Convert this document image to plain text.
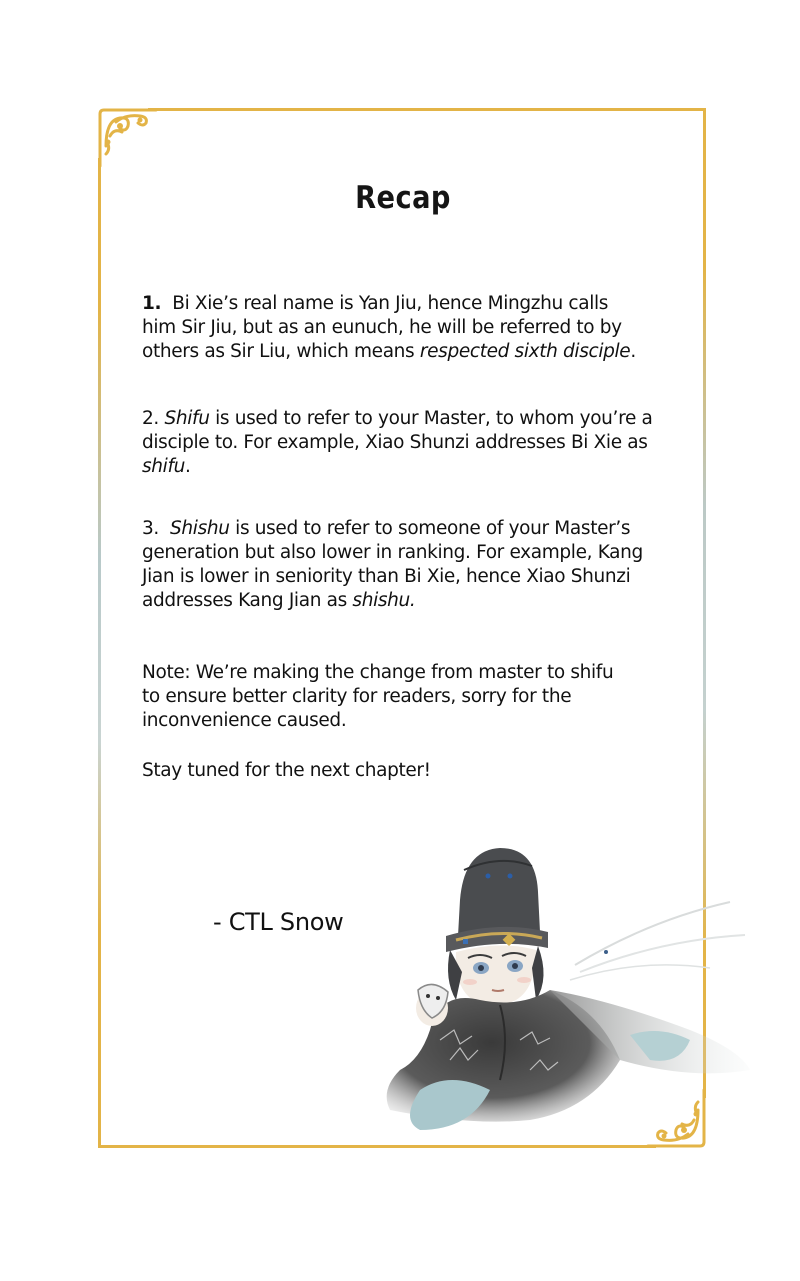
Recap
1. Bi Xie’s real name is Yan Jiu, hence Mingzhu calls
him Sir Jiu, but as an eunuch, he will be referred to by
others as Sir Liu, which means respected sixth disciple.
2. Shifu is used to refer to your Master, to whom you’re a
disciple to. For example, Xiao Shunzi addresses Bi Xie as
shifu.
3. Shishu is used to refer to someone of your Master’s
generation but also lower in ranking. For example, Kang
Jian is lower in seniority than Bi Xie, hence Xiao Shunzi
addresses Kang Jian as shishu.
Note: We’re making the change from master to shifu
to ensure better clarity for readers, sorry for the
inconvenience caused.
Stay tuned for the next chapter!
- CTL Snow
